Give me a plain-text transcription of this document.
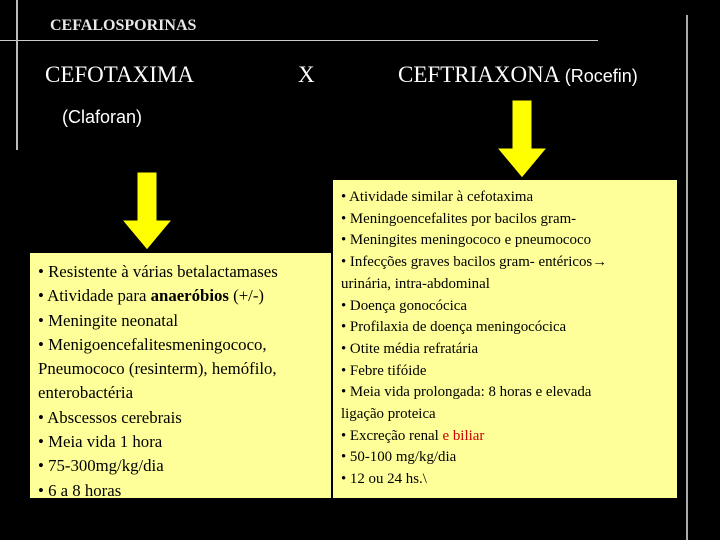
CEFALOSPORINAS
CEFOTAXIMA	X	CEFTRIAXONA (Rocefin)
(Claforan)
• Resistente à várias betalactamases
• Atividade para anaeróbios (+/-)
• Meningite neonatal
• Menigoencefalitesmeningococo,
Pneumococo (resinterm), hemófilo,
enterobactéria
• Abscessos cerebrais
• Meia vida 1 hora
• 75-300mg/kg/dia
• 6 a 8 horas
• Atividade similar à cefotaxima
• Meningoencefalites por bacilos gram-
• Meningites meningococo e pneumococo
• Infecções graves bacilos gram- entéricos→
urinária, intra-abdominal
• Doença gonocócica
• Profilaxia de doença meningocócica
• Otite média refratária
• Febre tifóide
• Meia vida prolongada: 8 horas e elevada
ligação proteica
• Excreção renal e biliar
• 50-100 mg/kg/dia
• 12 ou 24 hs.\
